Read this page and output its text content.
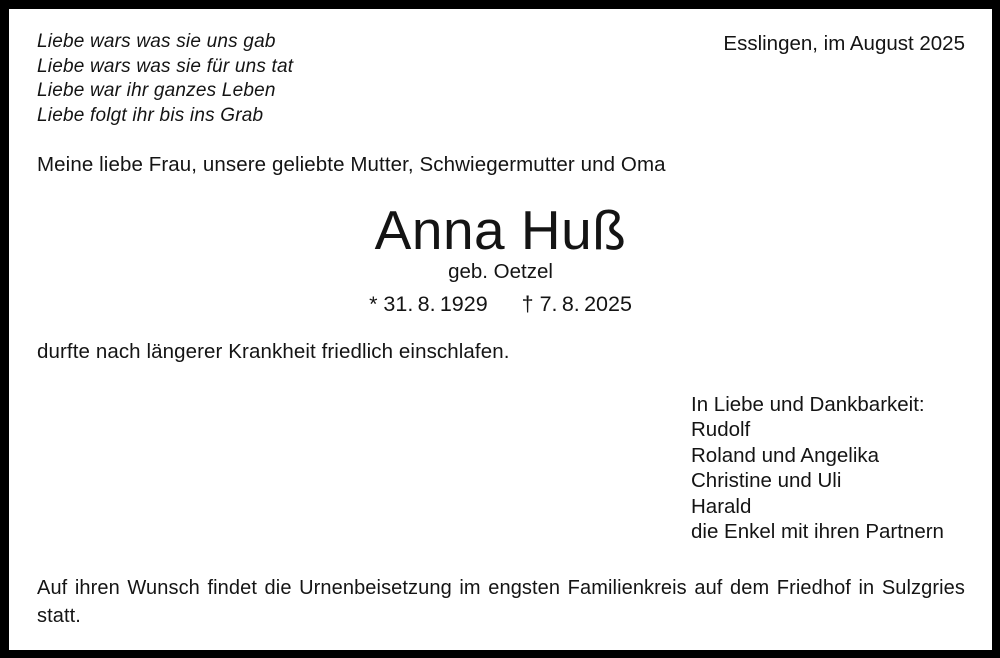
Liebe wars was sie uns gab
Liebe wars was sie für uns tat
Liebe war ihr ganzes Leben
Liebe folgt ihr bis ins Grab
Esslingen, im August 2025
Meine liebe Frau, unsere geliebte Mutter, Schwiegermutter und Oma
Anna Huß
geb. Oetzel
* 31. 8. 1929 † 7. 8. 2025
durfte nach längerer Krankheit friedlich einschlafen.
In Liebe und Dankbarkeit:
Rudolf
Roland und Angelika
Christine und Uli
Harald
die Enkel mit ihren Partnern
Auf ihren Wunsch findet die Urnenbeisetzung im engsten Familienkreis auf dem Friedhof in Sulzgries statt.
